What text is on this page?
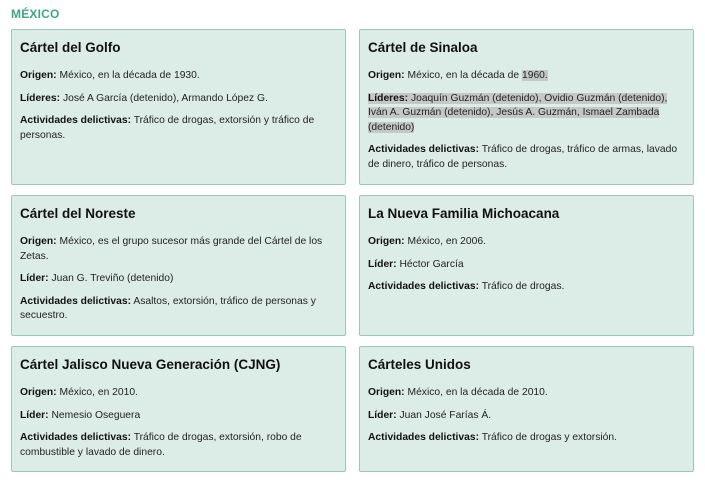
MÉXICO
Cártel del Golfo

Origen: México, en la década de 1930.

Líderes: José A García (detenido), Armando López G.

Actividades delictivas: Tráfico de drogas, extorsión y tráfico de personas.

Cártel de Sinaloa

Origen: México, en la década de 1960.

Líderes: Joaquín Guzmán (detenido), Ovidio Guzmán (detenido), Iván A. Guzmán (detenido), Jesús A. Guzmán, Ismael Zambada (detenido)

Actividades delictivas: Tráfico de drogas, tráfico de armas, lavado de dinero, tráfico de personas.

Cártel del Noreste

Origen: México, es el grupo sucesor más grande del Cártel de los Zetas.

Líder: Juan G. Treviño (detenido)

Actividades delictivas: Asaltos, extorsión, tráfico de personas y secuestro.

La Nueva Familia Michoacana

Origen: México, en 2006.

Líder: Héctor García

Actividades delictivas: Tráfico de drogas.

Cártel Jalisco Nueva Generación (CJNG)

Origen: México, en 2010.

Líder: Nemesio Oseguera

Actividades delictivas: Tráfico de drogas, extorsión, robo de combustible y lavado de dinero.

Cárteles Unidos

Origen: México, en la década de 2010.

Líder: Juan José Farías Á.

Actividades delictivas: Tráfico de drogas y extorsión.
